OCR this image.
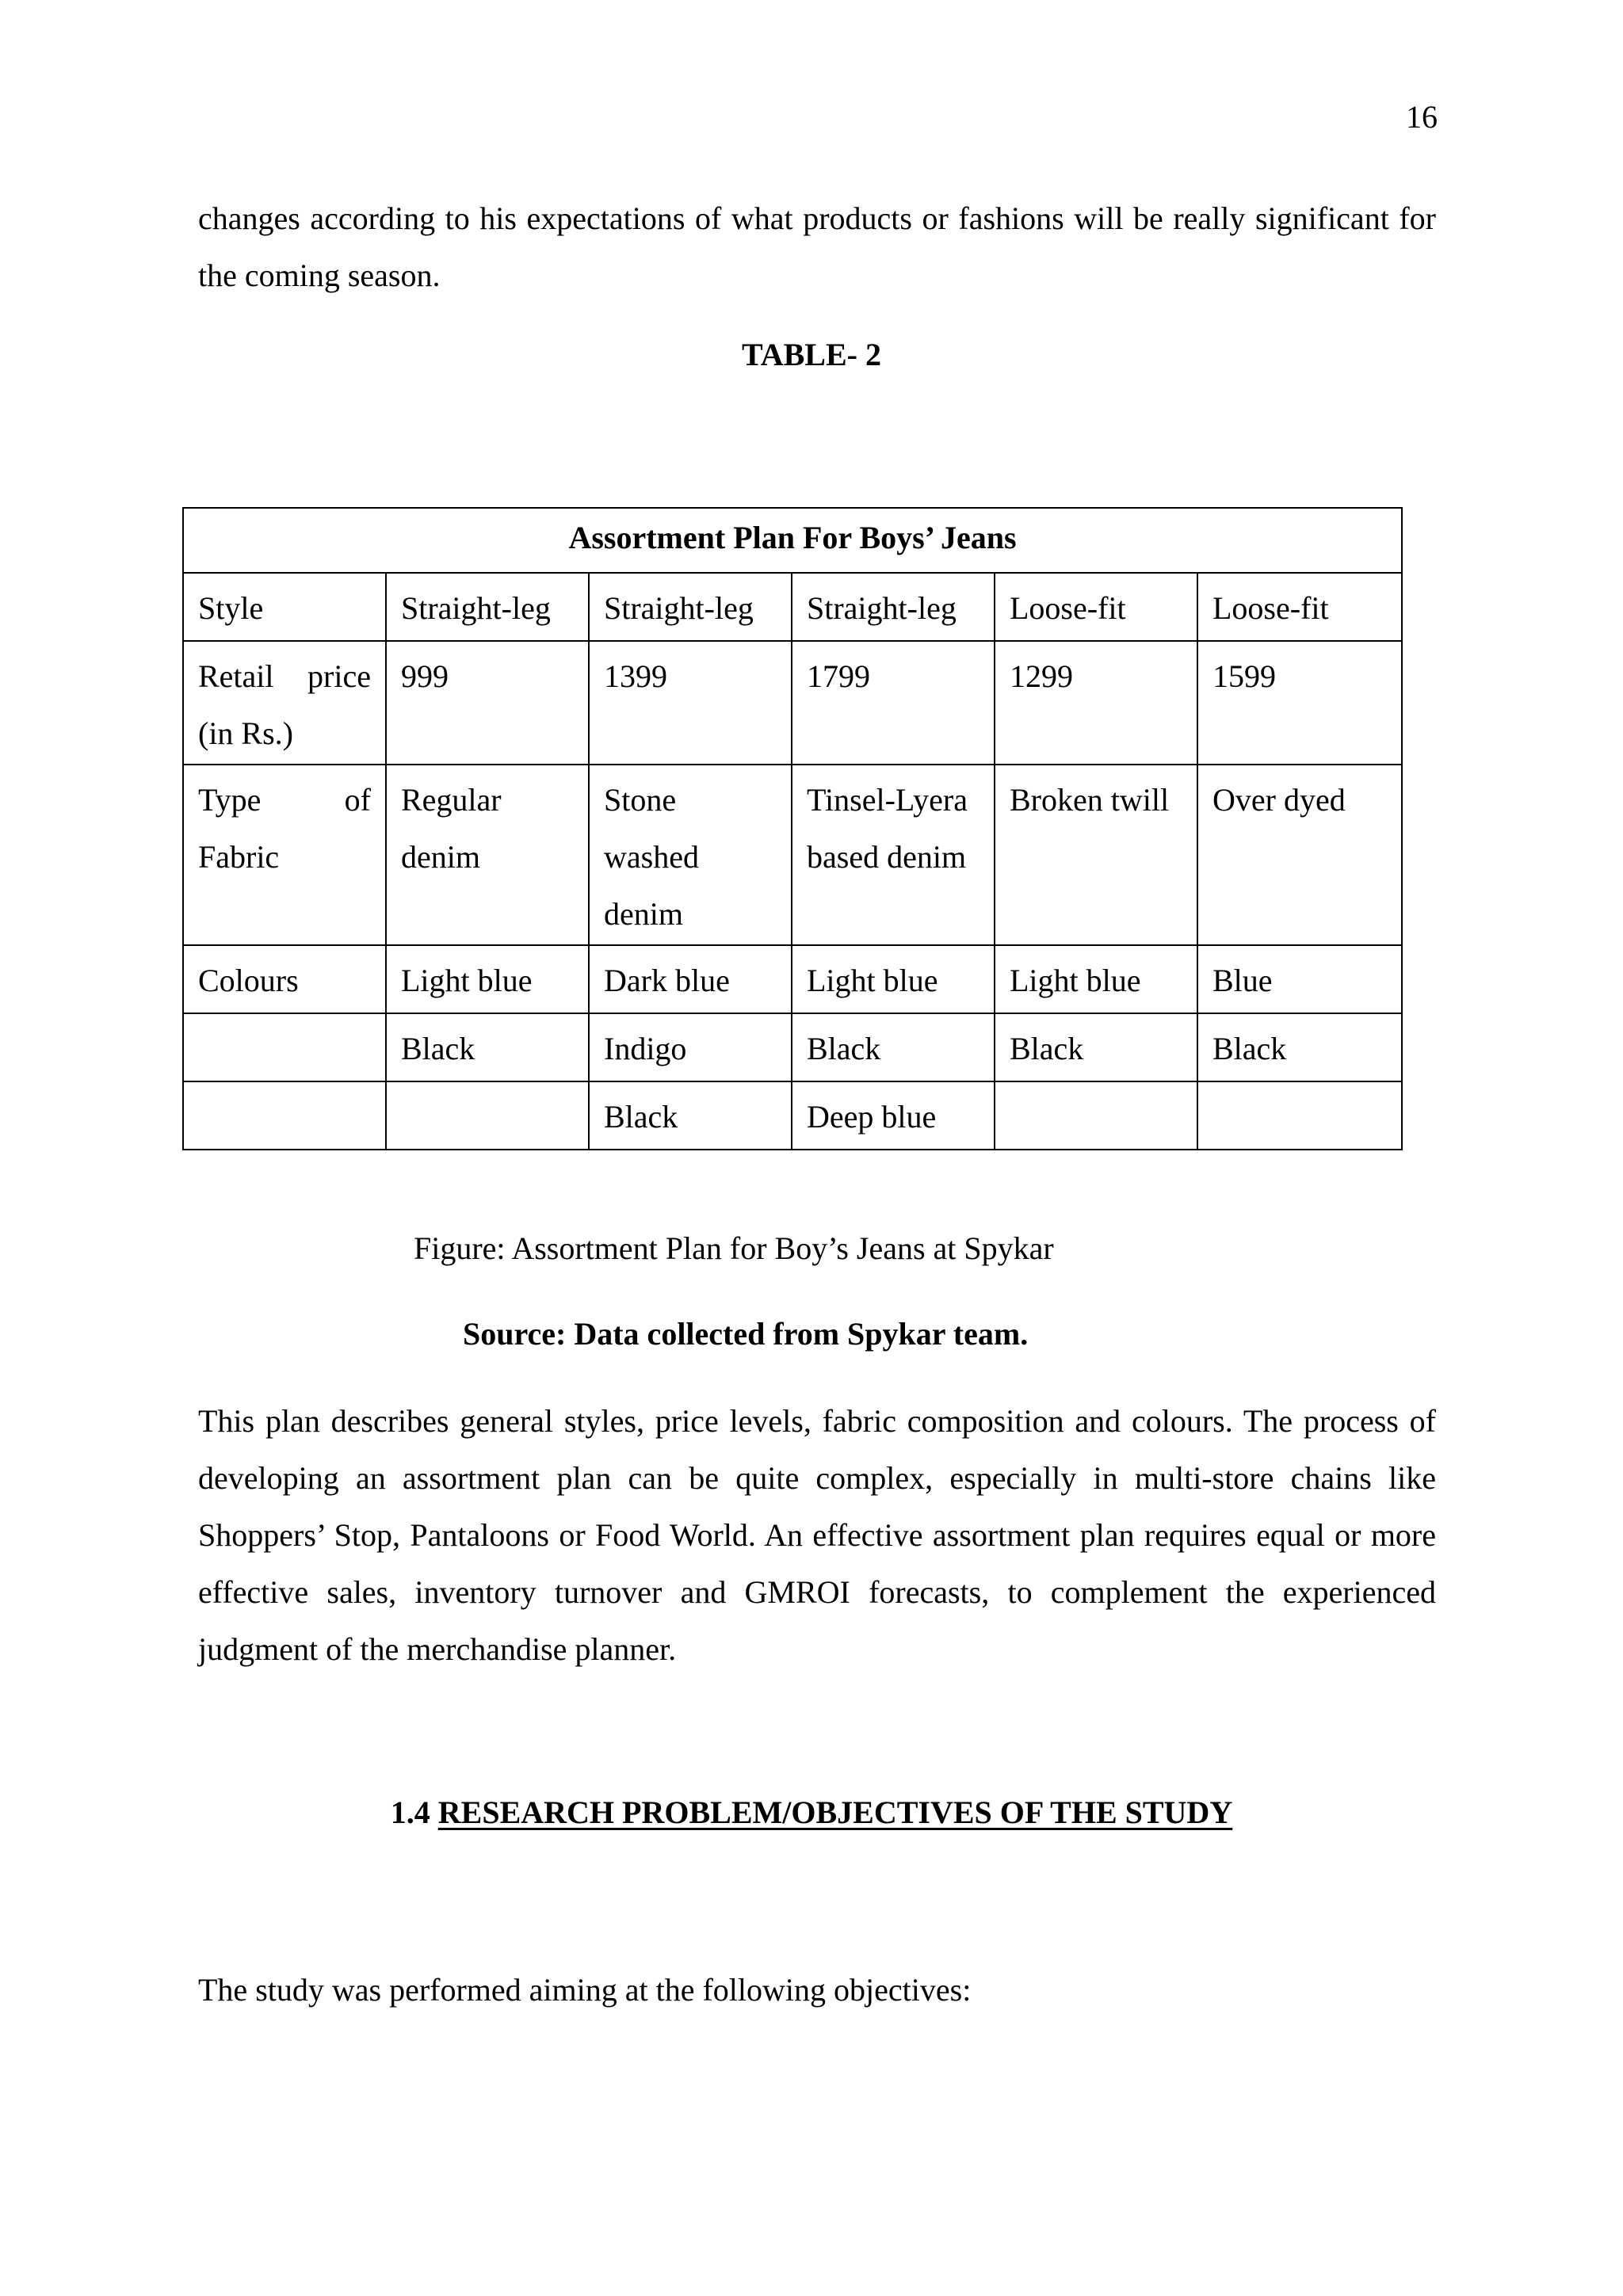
16

changes according to his expectations of what products or fashions will be really significant for the coming season.

TABLE- 2
Assortment Plan For Boys’ Jeans					
Style	Straight-leg	Straight-leg	Straight-leg	Loose-fit	Loose-fit
Retail price (in Rs.)	999	1399	1799	1299	1599
Type of Fabric	Regular denim	Stone washed denim	Tinsel-Lyera based denim	Broken twill	Over dyed
Colours	Light blue	Dark blue	Light blue	Light blue	Blue
	Black	Indigo	Black	Black	Black
		Black	Deep blue		
Figure: Assortment Plan for Boy’s Jeans at Spykar
Source: Data collected from Spykar team.

This plan describes general styles, price levels, fabric composition and colours. The process of developing an assortment plan can be quite complex, especially in multi-store chains like Shoppers’ Stop, Pantaloons or Food World. An effective assortment plan requires equal or more effective sales, inventory turnover and GMROI forecasts, to complement the experienced judgment of the merchandise planner.

1.4 RESEARCH PROBLEM/OBJECTIVES OF THE STUDY

The study was performed aiming at the following objectives:
